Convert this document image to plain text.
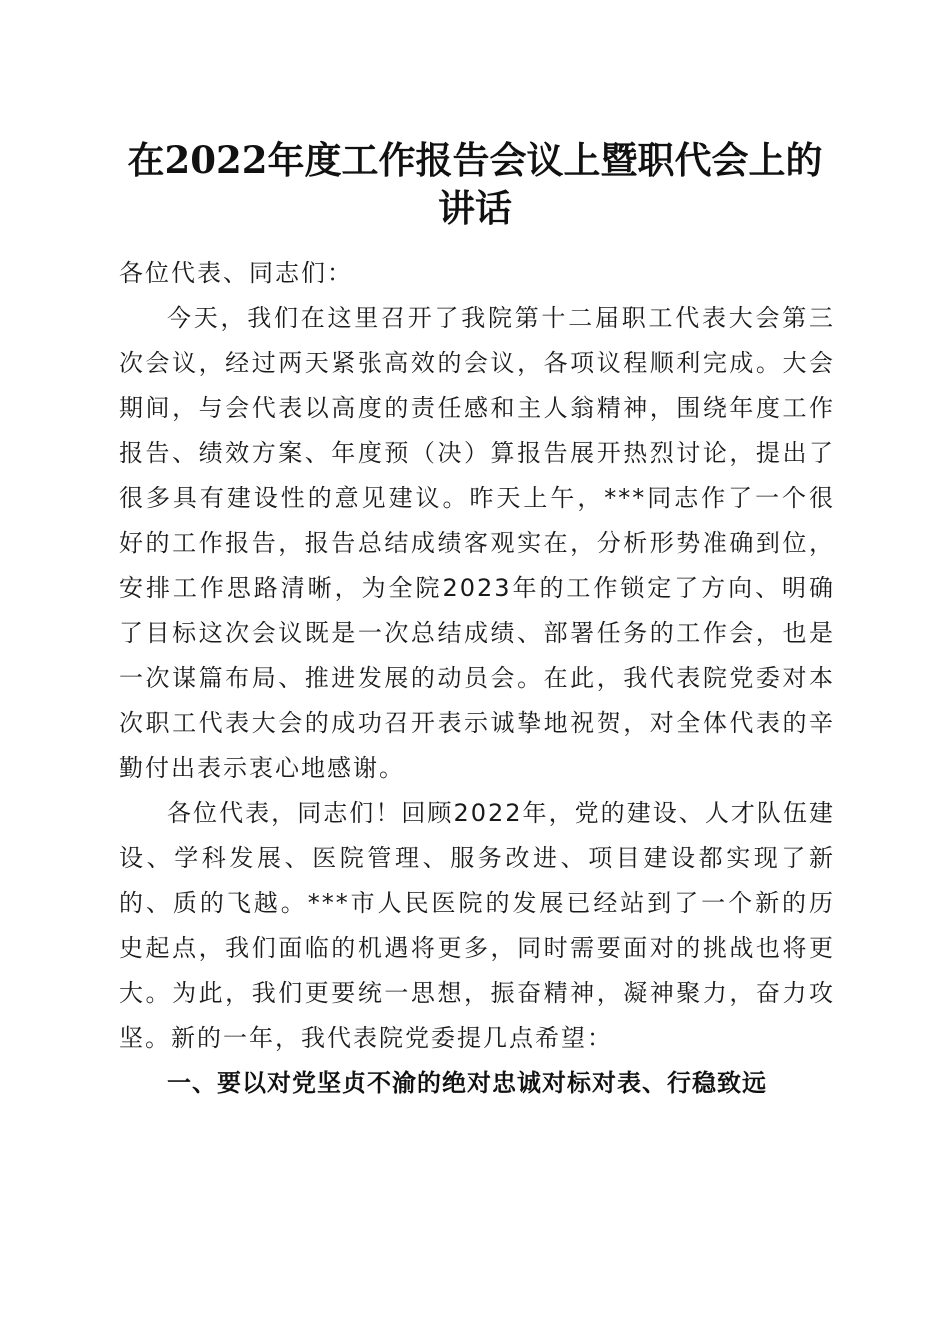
在2022年度工作报告会议上暨职代会上的讲话

各位代表、同志们：

今天，我们在这里召开了我院第十二届职工代表大会第三次会议，经过两天紧张高效的会议，各项议程顺利完成。大会期间，与会代表以高度的责任感和主人翁精神，围绕年度工作报告、绩效方案、年度预（决）算报告展开热烈讨论，提出了很多具有建设性的意见建议。昨天上午，***同志作了一个很好的工作报告，报告总结成绩客观实在，分析形势准确到位，安排工作思路清晰，为全院2023年的工作锁定了方向、明确了目标这次会议既是一次总结成绩、部署任务的工作会，也是一次谋篇布局、推进发展的动员会。在此，我代表院党委对本次职工代表大会的成功召开表示诚挚地祝贺，对全体代表的辛勤付出表示衷心地感谢。

各位代表，同志们！回顾2022年，党的建设、人才队伍建设、学科发展、医院管理、服务改进、项目建设都实现了新的、质的飞越。***市人民医院的发展已经站到了一个新的历史起点，我们面临的机遇将更多，同时需要面对的挑战也将更大。为此，我们更要统一思想，振奋精神，凝神聚力，奋力攻坚。新的一年，我代表院党委提几点希望：

一、要以对党坚贞不渝的绝对忠诚对标对表、行稳致远
